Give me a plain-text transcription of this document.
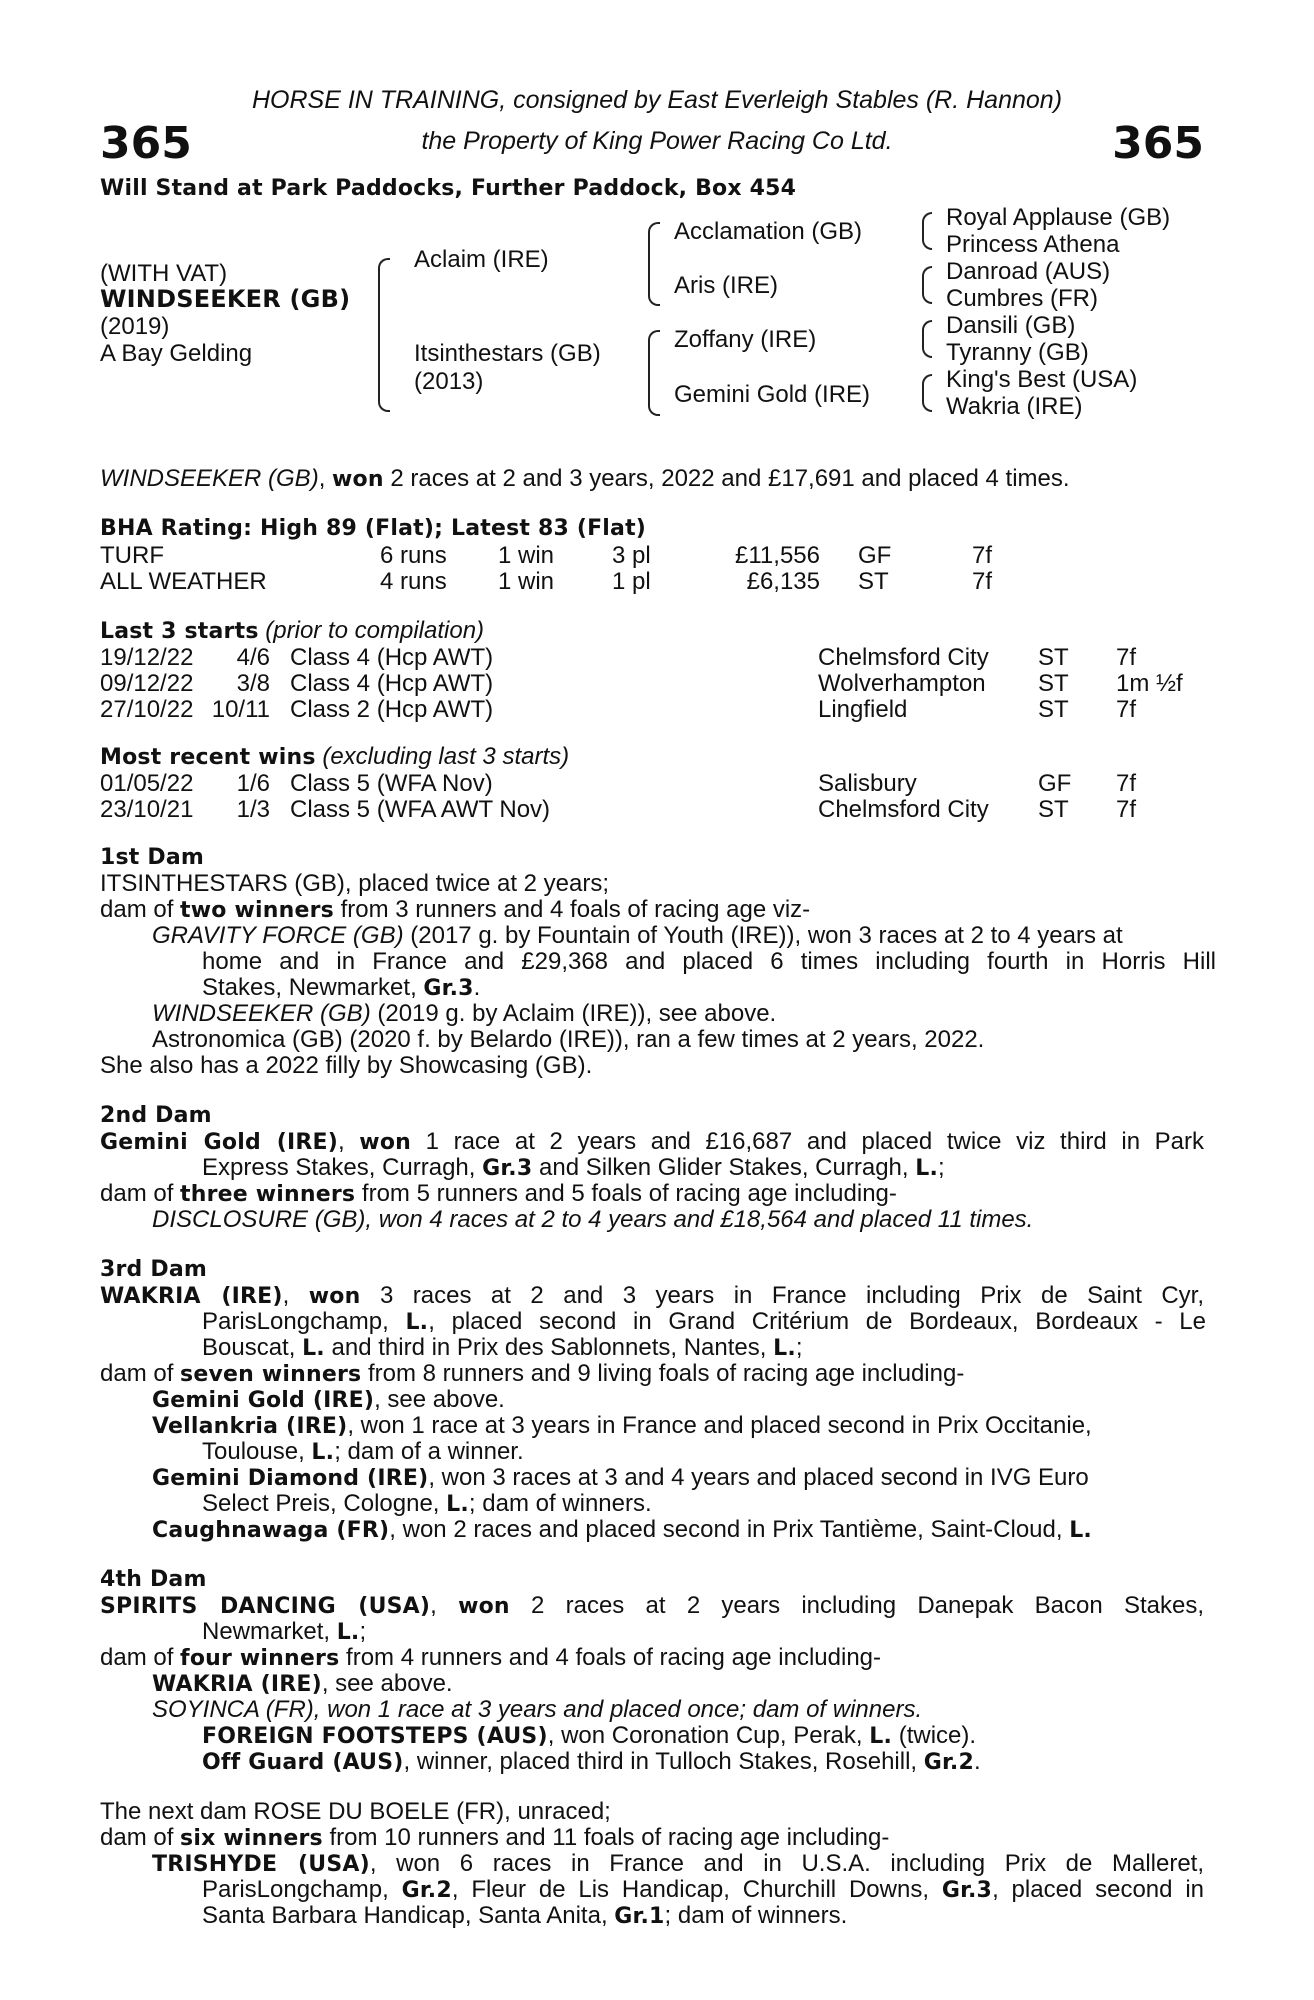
HORSE IN TRAINING, consigned by East Everleigh Stables (R. Hannon)
365	the Property of King Power Racing Co Ltd.	365
Will Stand at Park Paddocks, Further Paddock, Box 454
(WITH VAT)
WINDSEEKER (GB)
(2019)
A Bay Gelding
Aclaim (IRE)
Itsinthestars (GB)
(2013)
Acclamation (GB)
Aris (IRE)
Zoffany (IRE)
Gemini Gold (IRE)
Royal Applause (GB)
Princess Athena
Danroad (AUS)
Cumbres (FR)
Dansili (GB)
Tyranny (GB)
King's Best (USA)
Wakria (IRE)
WINDSEEKER (GB), won 2 races at 2 and 3 years, 2022 and £17,691 and placed 4 times.
BHA Rating: High 89 (Flat); Latest 83 (Flat)
TURF	6 runs 1 win 3 pl	£11,556 GF	7f
ALL WEATHER	4 runs 1 win 1 pl	£6,135 ST	7f
Last 3 starts (prior to compilation)
19/12/22	4/6 Class 4 (Hcp AWT)	Chelmsford City ST 7f
09/12/22	3/8 Class 4 (Hcp AWT)	Wolverhampton ST 1m ½f
27/10/22 10/11 Class 2 (Hcp AWT)	Lingfield	ST 7f
Most recent wins (excluding last 3 starts)
01/05/22	1/6 Class 5 (WFA Nov)	Salisbury	GF 7f
23/10/21	1/3 Class 5 (WFA AWT Nov)	Chelmsford City ST 7f
1st Dam
ITSINTHESTARS (GB), placed twice at 2 years;
dam of two winners from 3 runners and 4 foals of racing age viz-
GRAVITY FORCE (GB) (2017 g. by Fountain of Youth (IRE)), won 3 races at 2 to 4 years at
home and in France and £29,368 and placed 6 times including fourth in Horris Hill
Stakes, Newmarket, Gr.3.
WINDSEEKER (GB) (2019 g. by Aclaim (IRE)), see above.
Astronomica (GB) (2020 f. by Belardo (IRE)), ran a few times at 2 years, 2022.
She also has a 2022 filly by Showcasing (GB).
2nd Dam
Gemini Gold (IRE), won 1 race at 2 years and £16,687 and placed twice viz third in Park
Express Stakes, Curragh, Gr.3 and Silken Glider Stakes, Curragh, L.;
dam of three winners from 5 runners and 5 foals of racing age including-
DISCLOSURE (GB), won 4 races at 2 to 4 years and £18,564 and placed 11 times.
3rd Dam
WAKRIA (IRE), won 3 races at 2 and 3 years in France including Prix de Saint Cyr,
ParisLongchamp, L., placed second in Grand Critérium de Bordeaux, Bordeaux - Le
Bouscat, L. and third in Prix des Sablonnets, Nantes, L.;
dam of seven winners from 8 runners and 9 living foals of racing age including-
Gemini Gold (IRE), see above.
Vellankria (IRE), won 1 race at 3 years in France and placed second in Prix Occitanie,
Toulouse, L.; dam of a winner.
Gemini Diamond (IRE), won 3 races at 3 and 4 years and placed second in IVG Euro
Select Preis, Cologne, L.; dam of winners.
Caughnawaga (FR), won 2 races and placed second in Prix Tantième, Saint-Cloud, L.
4th Dam
SPIRITS DANCING (USA), won 2 races at 2 years including Danepak Bacon Stakes,
Newmarket, L.;
dam of four winners from 4 runners and 4 foals of racing age including-
WAKRIA (IRE), see above.
SOYINCA (FR), won 1 race at 3 years and placed once; dam of winners.
FOREIGN FOOTSTEPS (AUS), won Coronation Cup, Perak, L. (twice).
Off Guard (AUS), winner, placed third in Tulloch Stakes, Rosehill, Gr.2.
The next dam ROSE DU BOELE (FR), unraced;
dam of six winners from 10 runners and 11 foals of racing age including-
TRISHYDE (USA), won 6 races in France and in U.S.A. including Prix de Malleret,
ParisLongchamp, Gr.2, Fleur de Lis Handicap, Churchill Downs, Gr.3, placed second in
Santa Barbara Handicap, Santa Anita, Gr.1; dam of winners.
